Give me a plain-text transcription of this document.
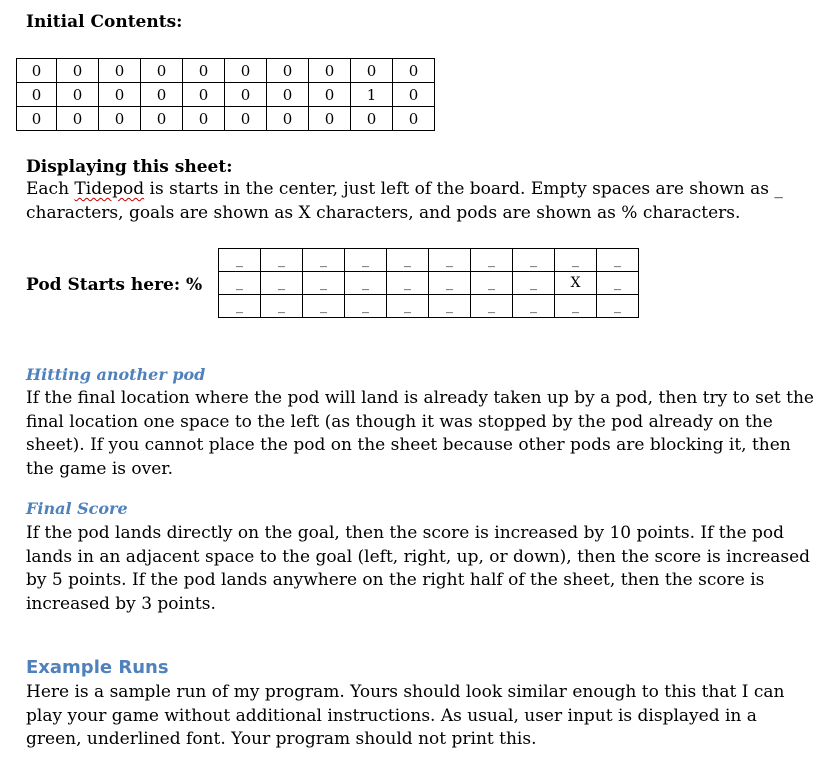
Initial Contents:
0	0	0	0	0	0	0	0	0	0
0	0	0	0	0	0	0	0	1	0
0	0	0	0	0	0	0	0	0	0
Displaying this sheet:
Each Tidepod is starts in the center, just left of the board. Empty spaces are shown as _
characters, goals are shown as X characters, and pods are shown as % characters.
Pod Starts here: %
_	_	_	_	_	_	_	_	_	_
_	_	_	_	_	_	_	_	X	_
_	_	_	_	_	_	_	_	_	_
Hitting another pod
If the final location where the pod will land is already taken up by a pod, then try to set the final location one space to the left (as though it was stopped by the pod already on the sheet). If you cannot place the pod on the sheet because other pods are blocking it, then the game is over.
Final Score
If the pod lands directly on the goal, then the score is increased by 10 points. If the pod lands in an adjacent space to the goal (left, right, up, or down), then the score is increased by 5 points. If the pod lands anywhere on the right half of the sheet, then the score is increased by 3 points.
Example Runs
Here is a sample run of my program. Yours should look similar enough to this that I can play your game without additional instructions. As usual, user input is displayed in a green, underlined font. Your program should not print this.
